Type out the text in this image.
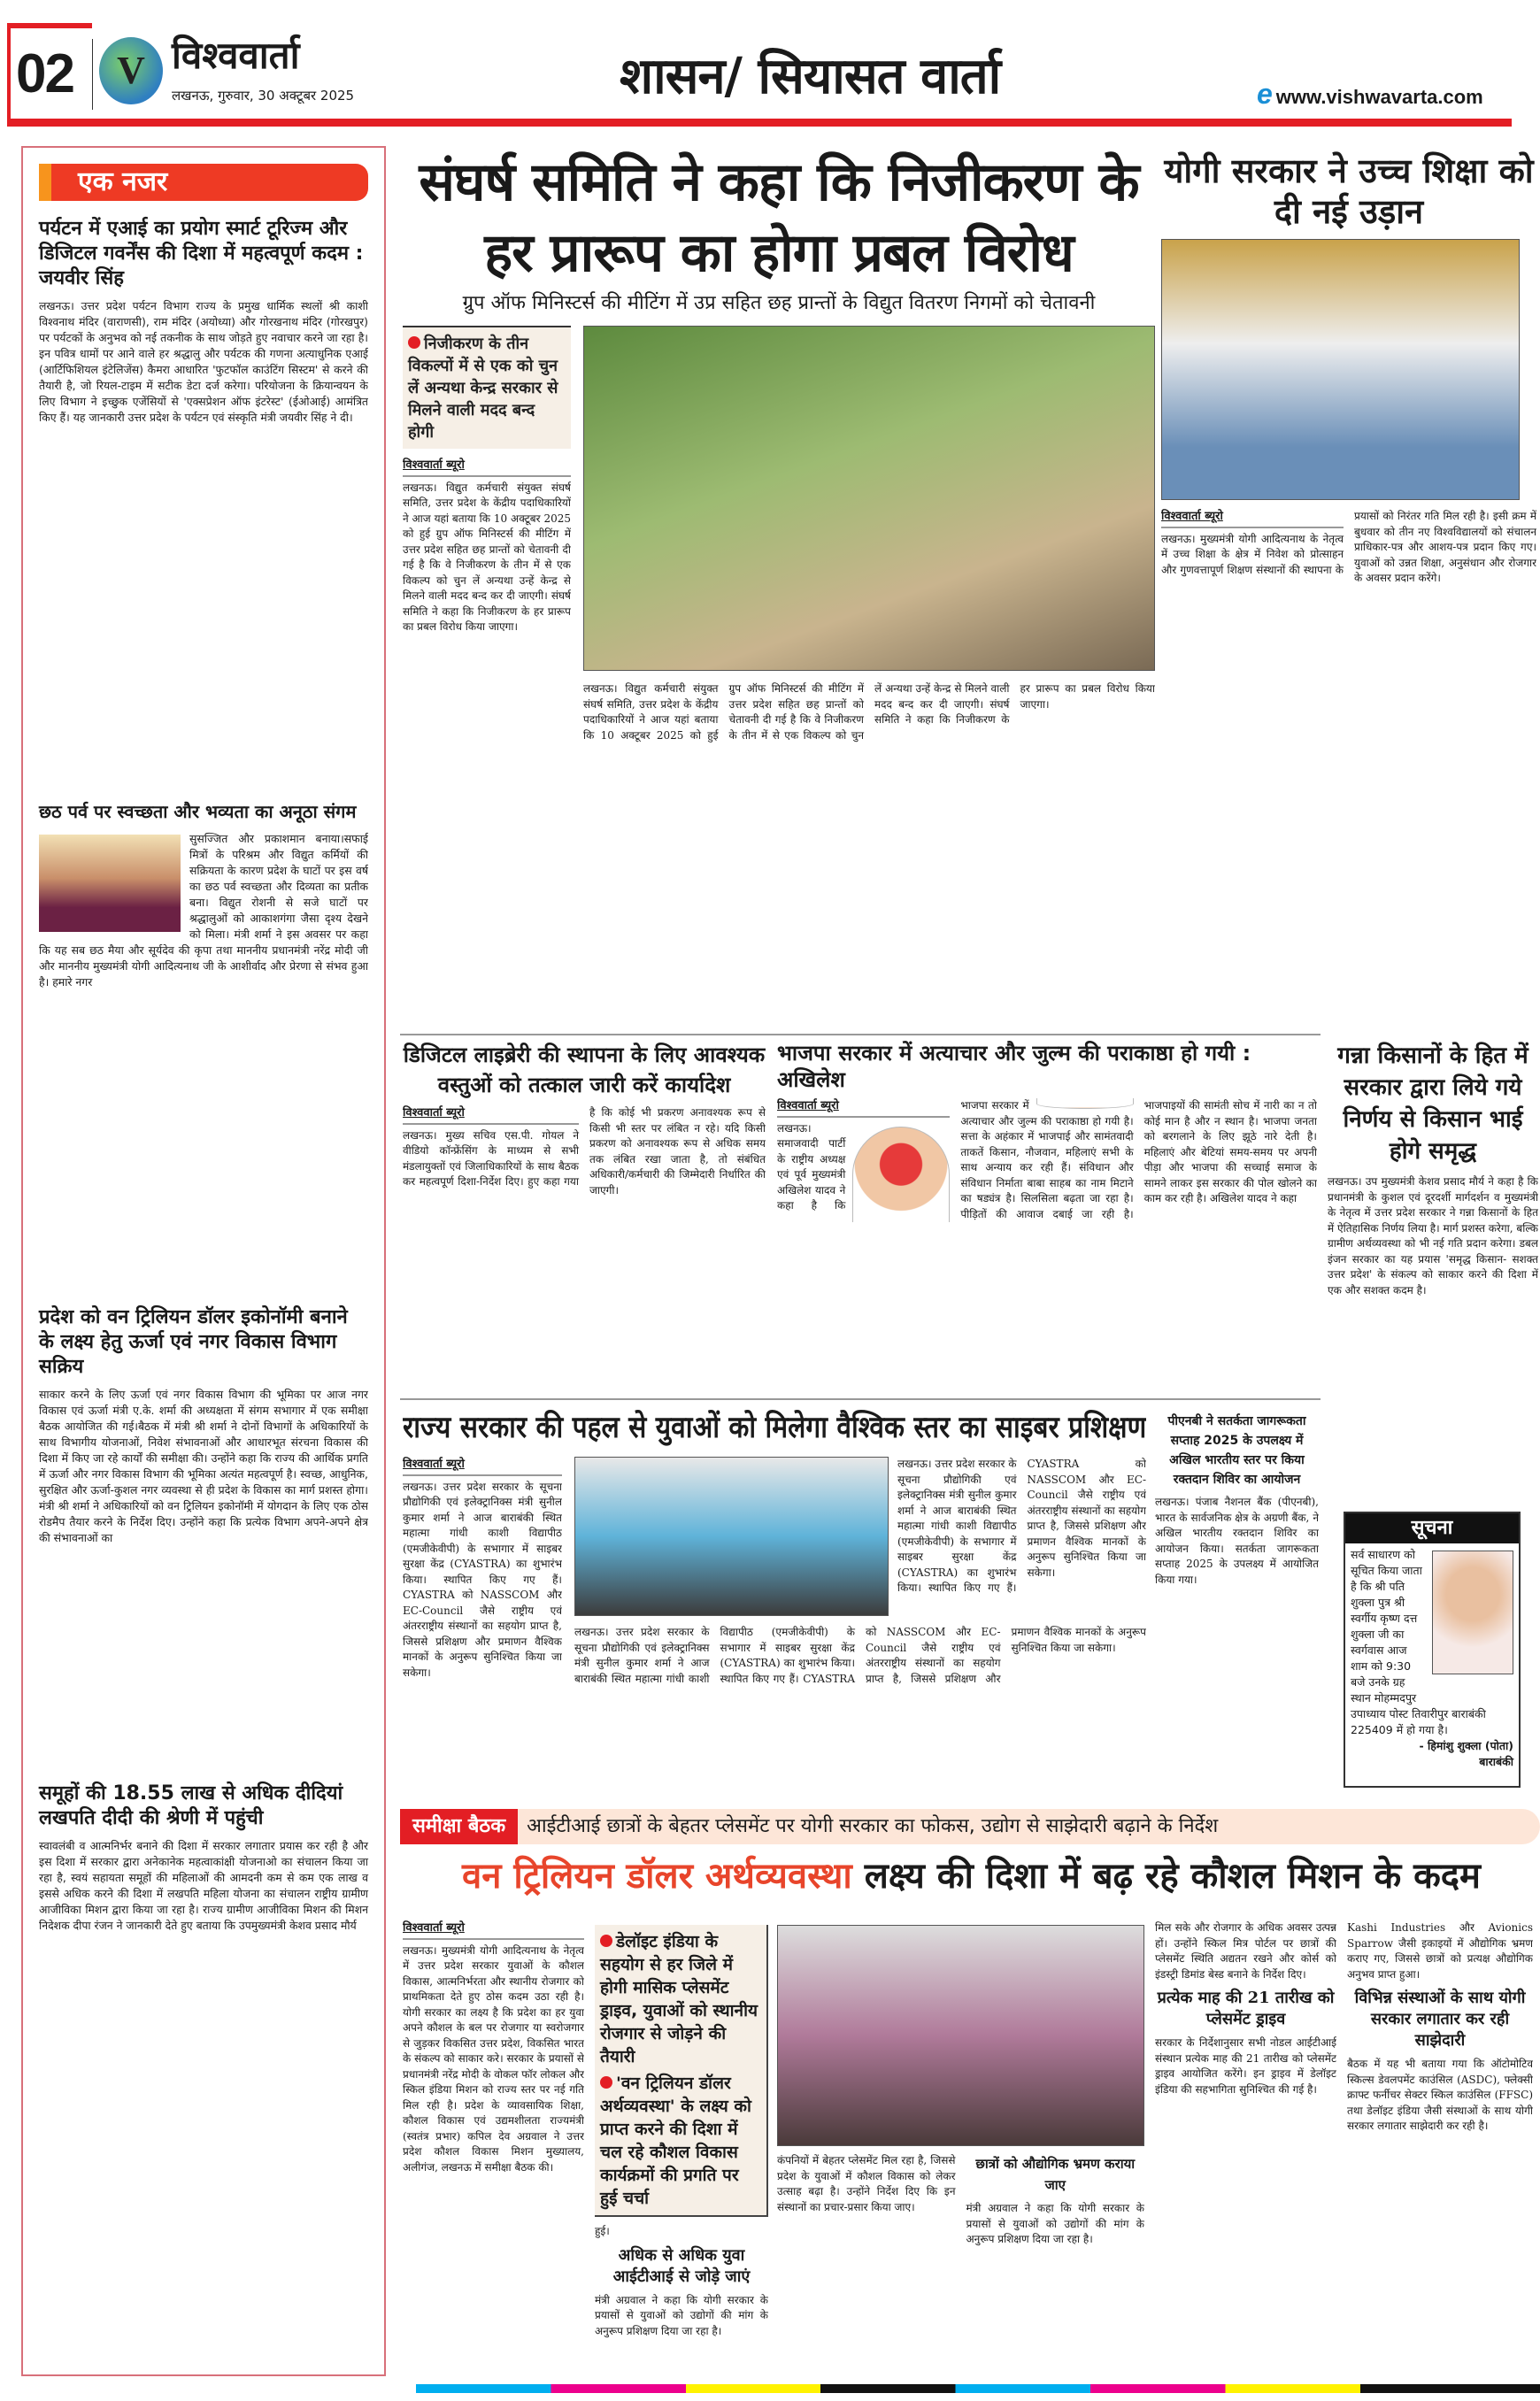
02	V विश्ववार्ता
लखनऊ, गुरुवार, 30 अक्टूबर 2025	शासन/ सियासत वार्ता	e www.vishwavarta.com
एक नजर
पर्यटन में एआई का प्रयोग स्मार्ट टूरिज्म और डिजिटल गवर्नेंस की दिशा में महत्वपूर्ण कदम : जयवीर सिंह

लखनऊ। उत्तर प्रदेश पर्यटन विभाग राज्य के प्रमुख धार्मिक स्थलों श्री काशी विश्वनाथ मंदिर (वाराणसी), राम मंदिर (अयोध्या) और गोरखनाथ मंदिर (गोरखपुर) पर पर्यटकों के अनुभव को नई तकनीक के साथ जोड़ते हुए नवाचार करने जा रहा है। इन पवित्र धामों पर आने वाले हर श्रद्धालु और पर्यटक की गणना अत्याधुनिक एआई (आर्टिफिशियल इंटेलिजेंस) कैमरा आधारित 'फुटफॉल काउंटिंग सिस्टम' से करने की तैयारी है, जो रियल-टाइम में सटीक डेटा दर्ज करेगा। परियोजना के क्रियान्वयन के लिए विभाग ने इच्छुक एजेंसियों से 'एक्सप्रेशन ऑफ इंटरेस्ट' (ईओआई) आमंत्रित किए हैं। यह जानकारी उत्तर प्रदेश के पर्यटन एवं संस्कृति मंत्री जयवीर सिंह ने दी।

छठ पर्व पर स्वच्छता और भव्यता का अनूठा संगम

सुसज्जित और प्रकाशमान बनाया।सफाई मित्रों के परिश्रम और विद्युत कर्मियों की सक्रियता के कारण प्रदेश के घाटों पर इस वर्ष का छठ पर्व स्वच्छता और दिव्यता का प्रतीक बना। विद्युत रोशनी से सजे घाटों पर श्रद्धालुओं को आकाशगंगा जैसा दृश्य देखने को मिला। मंत्री शर्मा ने इस अवसर पर कहा कि यह सब छठ मैया और सूर्यदेव की कृपा तथा माननीय प्रधानमंत्री नरेंद्र मोदी जी और माननीय मुख्यमंत्री योगी आदित्यनाथ जी के आशीर्वाद और प्रेरणा से संभव हुआ है। हमारे नगर

प्रदेश को वन ट्रिलियन डॉलर इकोनॉमी बनाने के लक्ष्य हेतु ऊर्जा एवं नगर विकास विभाग सक्रिय

साकार करने के लिए ऊर्जा एवं नगर विकास विभाग की भूमिका पर आज नगर विकास एवं ऊर्जा मंत्री ए.के. शर्मा की अध्यक्षता में संगम सभागार में एक समीक्षा बैठक आयोजित की गई।बैठक में मंत्री श्री शर्मा ने दोनों विभागों के अधिकारियों के साथ विभागीय योजनाओं, निवेश संभावनाओं और आधारभूत संरचना विकास की दिशा में किए जा रहे कार्यों की समीक्षा की। उन्होंने कहा कि राज्य की आर्थिक प्रगति में ऊर्जा और नगर विकास विभाग की भूमिका अत्यंत महत्वपूर्ण है। स्वच्छ, आधुनिक, सुरक्षित और ऊर्जा-कुशल नगर व्यवस्था से ही प्रदेश के विकास का मार्ग प्रशस्त होगा। मंत्री श्री शर्मा ने अधिकारियों को वन ट्रिलियन इकोनॉमी में योगदान के लिए एक ठोस रोडमैप तैयार करने के निर्देश दिए। उन्होंने कहा कि प्रत्येक विभाग अपने-अपने क्षेत्र की संभावनाओं का

समूहों की 18.55 लाख से अधिक दीदियां लखपति दीदी की श्रेणी में पहुंची

स्वावलंबी व आत्मनिर्भर बनाने की दिशा में सरकार लगातार प्रयास कर रही है और इस दिशा में सरकार द्वारा अनेकानेक महत्वाकांक्षी योजनाओ का संचालन किया जा रहा है, स्वयं सहायता समूहों की महिलाओं की आमदनी कम से कम एक लाख व इससे अधिक करने की दिशा में लखपति महिला योजना का संचालन राष्ट्रीय ग्रामीण आजीविका मिशन द्वारा किया जा रहा है। राज्य ग्रामीण आजीविका मिशन की मिशन निदेशक दीपा रंजन ने जानकारी देते हुए बताया कि उपमुख्यमंत्री केशव प्रसाद मौर्य

संघर्ष समिति ने कहा कि निजीकरण के हर प्रारूप का होगा प्रबल विरोध
ग्रुप ऑफ मिनिस्टर्स की मीटिंग में उप्र सहित छह प्रान्तों के विद्युत वितरण निगमों को चेतावनी
निजीकरण के तीन विकल्पों में से एक को चुन लें अन्यथा केन्द्र सरकार से मिलने वाली मदद बन्द होगी
विश्ववार्ता ब्यूरो
लखनऊ। विद्युत कर्मचारी संयुक्त संघर्ष समिति, उत्तर प्रदेश के केंद्रीय पदाधिकारियों ने आज यहां बताया कि 10 अक्टूबर 2025 को हुई ग्रुप ऑफ मिनिस्टर्स की मीटिंग में उत्तर प्रदेश सहित छह प्रान्तों को चेतावनी दी गई है कि वे निजीकरण के तीन में से एक विकल्प को चुन लें अन्यथा उन्हें केन्द्र से मिलने वाली मदद बन्द कर दी जाएगी। संघर्ष समिति ने कहा कि निजीकरण के हर प्रारूप का प्रबल विरोध किया जाएगा।
लखनऊ। विद्युत कर्मचारी संयुक्त संघर्ष समिति, उत्तर प्रदेश के केंद्रीय पदाधिकारियों ने आज यहां बताया कि 10 अक्टूबर 2025 को हुई ग्रुप ऑफ मिनिस्टर्स की मीटिंग में उत्तर प्रदेश सहित छह प्रान्तों को चेतावनी दी गई है कि वे निजीकरण के तीन में से एक विकल्प को चुन लें अन्यथा उन्हें केन्द्र से मिलने वाली मदद बन्द कर दी जाएगी। संघर्ष समिति ने कहा कि निजीकरण के हर प्रारूप का प्रबल विरोध किया जाएगा।
योगी सरकार ने उच्च शिक्षा को दी नई उड़ान
विश्ववार्ता ब्यूरो
लखनऊ। मुख्यमंत्री योगी आदित्यनाथ के नेतृत्व में उच्च शिक्षा के क्षेत्र में निवेश को प्रोत्साहन और गुणवत्तापूर्ण शिक्षण संस्थानों की स्थापना के प्रयासों को निरंतर गति मिल रही है। इसी क्रम में बुधवार को तीन नए विश्वविद्यालयों को संचालन प्राधिकार-पत्र और आशय-पत्र प्रदान किए गए। युवाओं को उन्नत शिक्षा, अनुसंधान और रोजगार के अवसर प्रदान करेंगे।
डिजिटल लाइब्रेरी की स्थापना के लिए आवश्यक वस्तुओं को तत्काल जारी करें कार्यादेश
विश्ववार्ता ब्यूरो
लखनऊ। मुख्य सचिव एस.पी. गोयल ने वीडियो कॉन्फ्रेंसिंग के माध्यम से सभी मंडलायुक्तों एवं जिलाधिकारियों के साथ बैठक कर महत्वपूर्ण दिशा-निर्देश दिए। हुए कहा गया है कि कोई भी प्रकरण अनावश्यक रूप से किसी भी स्तर पर लंबित न रहे। यदि किसी प्रकरण को अनावश्यक रूप से अधिक समय तक लंबित रखा जाता है, तो संबंधित अधिकारी/कर्मचारी की जिम्मेदारी निर्धारित की जाएगी।
भाजपा सरकार में अत्याचार और जुल्म की पराकाष्ठा हो गयी : अखिलेश
विश्ववार्ता ब्यूरो
लखनऊ। समाजवादी पार्टी के राष्ट्रीय अध्यक्ष एवं पूर्व मुख्यमंत्री अखिलेश यादव ने कहा है कि भाजपा सरकार में अत्याचार और जुल्म की पराकाष्ठा हो गयी है। सत्ता के अहंकार में भाजपाई और सामंतवादी ताकतें किसान, नौजवान, महिलाएं सभी के साथ अन्याय कर रही हैं। संविधान और संविधान निर्माता बाबा साहब का नाम मिटाने का षड्यंत्र है। सिलसिला बढ़ता जा रहा है। पीड़ितों की आवाज दबाई जा रही है। भाजपाइयों की सामंती सोच में नारी का न तो कोई मान है और न स्थान है। भाजपा जनता को बरगलाने के लिए झूठे नारे देती है। महिलाएं और बेटियां समय-समय पर अपनी पीड़ा और भाजपा की सच्चाई समाज के सामने लाकर इस सरकार की पोल खोलने का काम कर रही है। अखिलेश यादव ने कहा
गन्ना किसानों के हित में सरकार द्वारा लिये गये निर्णय से किसान भाई होगे समृद्ध
लखनऊ। उप मुख्यमंत्री केशव प्रसाद मौर्य ने कहा है कि प्रधानमंत्री के कुशल एवं दूरदर्शी मार्गदर्शन व मुख्यमंत्री के नेतृत्व में उत्तर प्रदेश सरकार ने गन्ना किसानों के हित में ऐतिहासिक निर्णय लिया है। मार्ग प्रशस्त करेगा, बल्कि ग्रामीण अर्थव्यवस्था को भी नई गति प्रदान करेगा। डबल इंजन सरकार का यह प्रयास 'समृद्ध किसान- सशक्त उत्तर प्रदेश' के संकल्प को साकार करने की दिशा में एक और सशक्त कदम है।
राज्य सरकार की पहल से युवाओं को मिलेगा वैश्विक स्तर का साइबर प्रशिक्षण
विश्ववार्ता ब्यूरो
लखनऊ। उत्तर प्रदेश सरकार के सूचना प्रौद्योगिकी एवं इलेक्ट्रानिक्स मंत्री सुनील कुमार शर्मा ने आज बाराबंकी स्थित महात्मा गांधी काशी विद्यापीठ (एमजीकेवीपी) के सभागार में साइबर सुरक्षा केंद्र (CYASTRA) का शुभारंभ किया। स्थापित किए गए हैं। CYASTRA को NASSCOM और EC-Council जैसे राष्ट्रीय एवं अंतरराष्ट्रीय संस्थानों का सहयोग प्राप्त है, जिससे प्रशिक्षण और प्रमाणन वैश्विक मानकों के अनुरूप सुनिश्चित किया जा सकेगा।
लखनऊ। उत्तर प्रदेश सरकार के सूचना प्रौद्योगिकी एवं इलेक्ट्रानिक्स मंत्री सुनील कुमार शर्मा ने आज बाराबंकी स्थित महात्मा गांधी काशी विद्यापीठ (एमजीकेवीपी) के सभागार में साइबर सुरक्षा केंद्र (CYASTRA) का शुभारंभ किया। स्थापित किए गए हैं। CYASTRA को NASSCOM और EC-Council जैसे राष्ट्रीय एवं अंतरराष्ट्रीय संस्थानों का सहयोग प्राप्त है, जिससे प्रशिक्षण और प्रमाणन वैश्विक मानकों के अनुरूप सुनिश्चित किया जा सकेगा।
लखनऊ। उत्तर प्रदेश सरकार के सूचना प्रौद्योगिकी एवं इलेक्ट्रानिक्स मंत्री सुनील कुमार शर्मा ने आज बाराबंकी स्थित महात्मा गांधी काशी विद्यापीठ (एमजीकेवीपी) के सभागार में साइबर सुरक्षा केंद्र (CYASTRA) का शुभारंभ किया। स्थापित किए गए हैं। CYASTRA को NASSCOM और EC-Council जैसे राष्ट्रीय एवं अंतरराष्ट्रीय संस्थानों का सहयोग प्राप्त है, जिससे प्रशिक्षण और प्रमाणन वैश्विक मानकों के अनुरूप सुनिश्चित किया जा सकेगा।
पीएनबी ने सतर्कता जागरूकता सप्ताह 2025 के उपलक्ष्य में अखिल भारतीय स्तर पर किया रक्तदान शिविर का आयोजन
लखनऊ। पंजाब नैशनल बैंक (पीएनबी), भारत के सार्वजनिक क्षेत्र के अग्रणी बैंक, ने अखिल भारतीय रक्तदान शिविर का आयोजन किया। सतर्कता जागरूकता सप्ताह 2025 के उपलक्ष्य में आयोजित किया गया।
सूचना

सर्व साधारण को सूचित किया जाता है कि श्री पति शुक्ला पुत्र श्री स्वर्गीय कृष्ण दत्त शुक्ला जी का स्वर्गवास आज शाम को 9:30 बजे उनके ग्रह स्थान मोहम्मदपुर

उपाध्याय पोस्ट तिवारीपुर बाराबंकी 225409 में हो गया है।

- हिमांशु शुक्ला (पोता)

बाराबंकी

समीक्षा बैठक आईटीआई छात्रों के बेहतर प्लेसमेंट पर योगी सरकार का फोकस, उद्योग से साझेदारी बढ़ाने के निर्देश
वन ट्रिलियन डॉलर अर्थव्यवस्था लक्ष्य की दिशा में बढ़ रहे कौशल मिशन के कदम
विश्ववार्ता ब्यूरो
लखनऊ। मुख्यमंत्री योगी आदित्यनाथ के नेतृत्व में उत्तर प्रदेश सरकार युवाओं के कौशल विकास, आत्मनिर्भरता और स्थानीय रोजगार को प्राथमिकता देते हुए ठोस कदम उठा रही है। योगी सरकार का लक्ष्य है कि प्रदेश का हर युवा अपने कौशल के बल पर रोजगार या स्वरोजगार से जुड़कर विकसित उत्तर प्रदेश, विकसित भारत के संकल्प को साकार करे। सरकार के प्रयासों से प्रधानमंत्री नरेंद्र मोदी के वोकल फॉर लोकल और स्किल इंडिया मिशन को राज्य स्तर पर नई गति मिल रही है। प्रदेश के व्यावसायिक शिक्षा, कौशल विकास एवं उद्यमशीलता राज्यमंत्री (स्वतंत्र प्रभार) कपिल देव अग्रवाल ने उत्तर प्रदेश कौशल विकास मिशन मुख्यालय, अलीगंज, लखनऊ में समीक्षा बैठक की।

डेलॉइट इंडिया के सहयोग से हर जिले में होगी मासिक प्लेसमेंट ड्राइव, युवाओं को स्थानीय रोजगार से जोड़ने की तैयारी

'वन ट्रिलियन डॉलर अर्थव्यवस्था' के लक्ष्य को प्राप्त करने की दिशा में चल रहे कौशल विकास कार्यक्रमों की प्रगति पर हुई चर्चा

हुई।
अधिक से अधिक युवा आईटीआई से जोड़े जाएं
मंत्री अग्रवाल ने कहा कि योगी सरकार के प्रयासों से युवाओं को उद्योगों की मांग के अनुरूप प्रशिक्षण दिया जा रहा है।
कंपनियों में बेहतर प्लेसमेंट मिल रहा है, जिससे प्रदेश के युवाओं में कौशल विकास को लेकर उत्साह बढ़ा है। उन्होंने निर्देश दिए कि इन संस्थानों का प्रचार-प्रसार किया जाए।
छात्रों को औद्योगिक भ्रमण कराया जाए
मंत्री अग्रवाल ने कहा कि योगी सरकार के प्रयासों से युवाओं को उद्योगों की मांग के अनुरूप प्रशिक्षण दिया जा रहा है।
मिल सके और रोजगार के अधिक अवसर उत्पन्न हों। उन्होंने स्किल मित्र पोर्टल पर छात्रों की प्लेसमेंट स्थिति अद्यतन रखने और कोर्स को इंडस्ट्री डिमांड बेस्ड बनाने के निर्देश दिए।
प्रत्येक माह की 21 तारीख को प्लेसमेंट ड्राइव
सरकार के निर्देशानुसार सभी नोडल आईटीआई संस्थान प्रत्येक माह की 21 तारीख को प्लेसमेंट ड्राइव आयोजित करेंगे। इन ड्राइव में डेलॉइट इंडिया की सहभागिता सुनिश्चित की गई है।
Kashi Industries और Avionics Sparrow जैसी इकाइयों में औद्योगिक भ्रमण कराए गए, जिससे छात्रों को प्रत्यक्ष औद्योगिक अनुभव प्राप्त हुआ।
विभिन्न संस्थाओं के साथ योगी सरकार लगातार कर रही साझेदारी
बैठक में यह भी बताया गया कि ऑटोमोटिव स्किल्स डेवलपमेंट काउंसिल (ASDC), फ्लेक्सी क्राफ्ट फर्नीचर सेक्टर स्किल काउंसिल (FFSC) तथा डेलॉइट इंडिया जैसी संस्थाओं के साथ योगी सरकार लगातार साझेदारी कर रही है।
